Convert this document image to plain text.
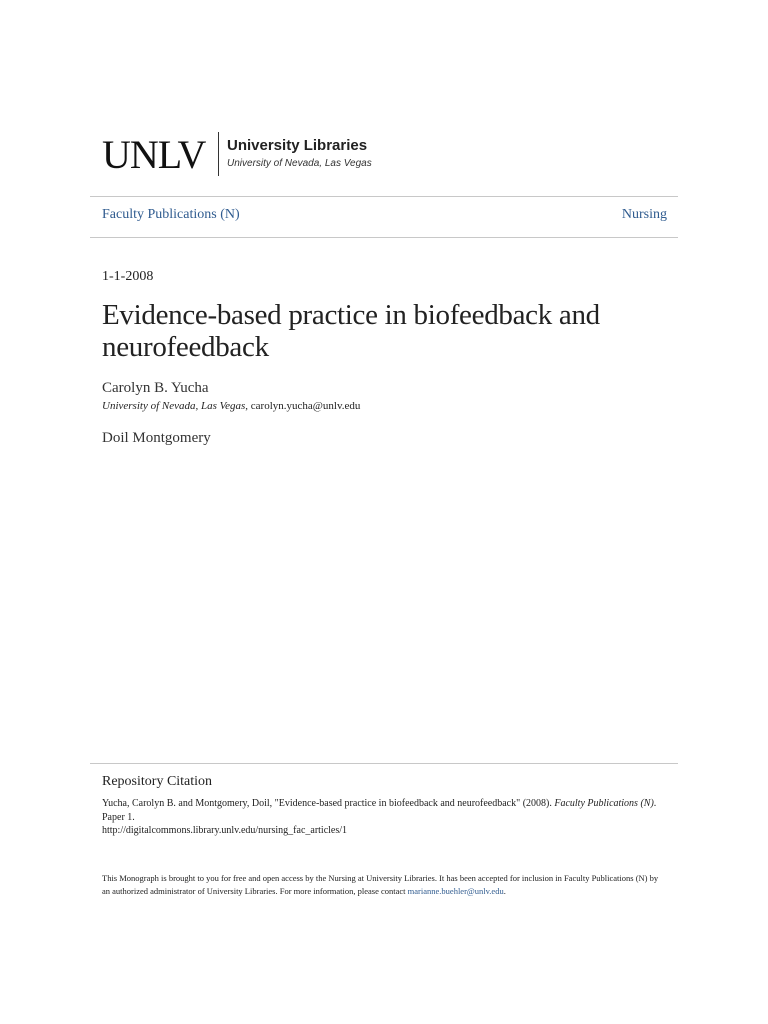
UNLV University Libraries
University of Nevada, Las Vegas
Faculty Publications (N)	Nursing
1-1-2008
Evidence-based practice in biofeedback and neurofeedback
Carolyn B. Yucha
University of Nevada, Las Vegas, carolyn.yucha@unlv.edu
Doil Montgomery
Repository Citation
Yucha, Carolyn B. and Montgomery, Doil, "Evidence-based practice in biofeedback and neurofeedback" (2008). Faculty Publications (N). Paper 1.
http://digitalcommons.library.unlv.edu/nursing_fac_articles/1
This Monograph is brought to you for free and open access by the Nursing at University Libraries. It has been accepted for inclusion in Faculty Publications (N) by an authorized administrator of University Libraries. For more information, please contact marianne.buehler@unlv.edu.
